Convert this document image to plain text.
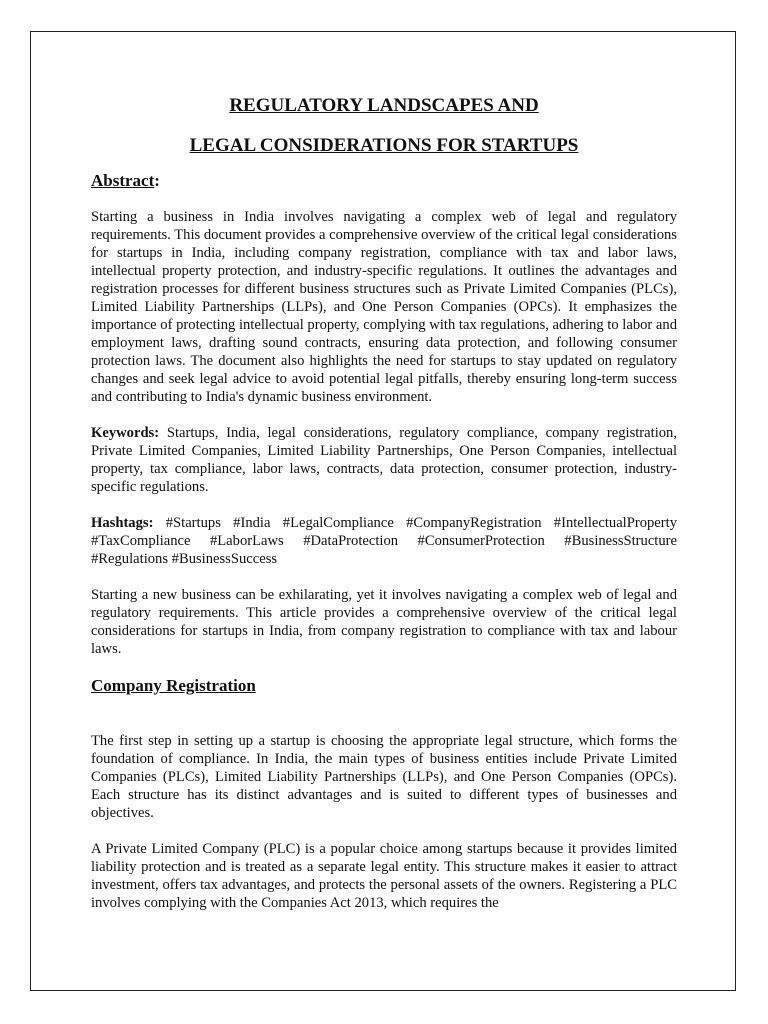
REGULATORY LANDSCAPES AND
LEGAL CONSIDERATIONS FOR STARTUPS
Abstract:

Starting a business in India involves navigating a complex web of legal and regulatory requirements. This document provides a comprehensive overview of the critical legal considerations for startups in India, including company registration, compliance with tax and labor laws, intellectual property protection, and industry-specific regulations. It outlines the advantages and registration processes for different business structures such as Private Limited Companies (PLCs), Limited Liability Partnerships (LLPs), and One Person Companies (OPCs). It emphasizes the importance of protecting intellectual property, complying with tax regulations, adhering to labor and employment laws, drafting sound contracts, ensuring data protection, and following consumer protection laws. The document also highlights the need for startups to stay updated on regulatory changes and seek legal advice to avoid potential legal pitfalls, thereby ensuring long-term success and contributing to India's dynamic business environment.

Keywords: Startups, India, legal considerations, regulatory compliance, company registration, Private Limited Companies, Limited Liability Partnerships, One Person Companies, intellectual property, tax compliance, labor laws, contracts, data protection, consumer protection, industry-specific regulations.

Hashtags: #Startups #India #LegalCompliance #CompanyRegistration #IntellectualProperty #TaxCompliance #LaborLaws #DataProtection #ConsumerProtection #BusinessStructure #Regulations #BusinessSuccess

Starting a new business can be exhilarating, yet it involves navigating a complex web of legal and regulatory requirements. This article provides a comprehensive overview of the critical legal considerations for startups in India, from company registration to compliance with tax and labour laws.

Company Registration

The first step in setting up a startup is choosing the appropriate legal structure, which forms the foundation of compliance. In India, the main types of business entities include Private Limited Companies (PLCs), Limited Liability Partnerships (LLPs), and One Person Companies (OPCs). Each structure has its distinct advantages and is suited to different types of businesses and objectives.

A Private Limited Company (PLC) is a popular choice among startups because it provides limited liability protection and is treated as a separate legal entity. This structure makes it easier to attract investment, offers tax advantages, and protects the personal assets of the owners. Registering a PLC involves complying with the Companies Act 2013, which requires the
